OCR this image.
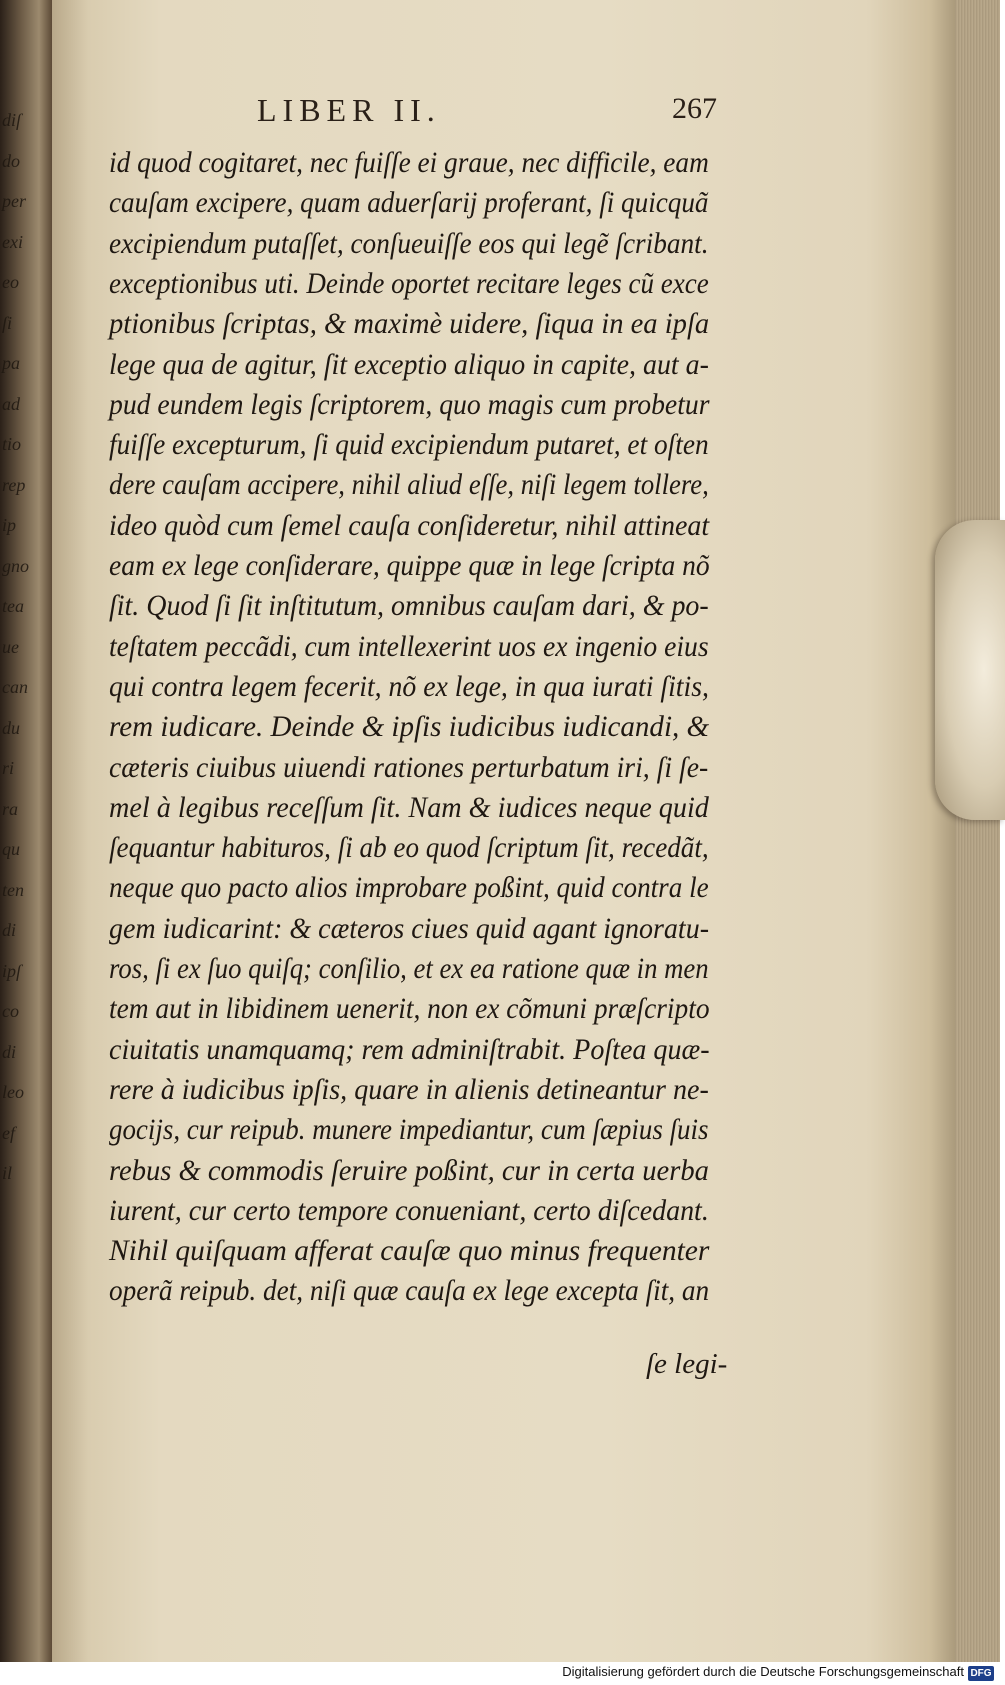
diſ
do
per
exi
eo
ſi
pa
ad
tio
rep
ip
gno
tea
ue
can
du
ri
ra
qu
ten
di
ipſ
co
di
leo
ef
il
LIBER II.	267
id quod cogitaret, nec fuiſſe ei graue, nec difficile, eam
cauſam excipere, quam aduerſarij proferant, ſi quicquã
excipiendum putaſſet, conſueuiſſe eos qui legẽ ſcribant.
exceptionibus uti. Deinde oportet recitare leges cũ exce
ptionibus ſcriptas, & maximè uidere, ſiqua in ea ipſa
lege qua de agitur, ſit exceptio aliquo in capite, aut a-
pud eundem legis ſcriptorem, quo magis cum probetur
fuiſſe excepturum, ſi quid excipiendum putaret, et oſten
dere cauſam accipere, nihil aliud eſſe, niſi legem tollere,
ideo quòd cum ſemel cauſa conſideretur, nihil attineat
eam ex lege conſiderare, quippe quæ in lege ſcripta nõ
ſit. Quod ſi ſit inſtitutum, omnibus cauſam dari, & po-
teſtatem peccãdi, cum intellexerint uos ex ingenio eius
qui contra legem fecerit, nõ ex lege, in qua iurati ſitis,
rem iudicare. Deinde & ipſis iudicibus iudicandi, &
cæteris ciuibus uiuendi rationes perturbatum iri, ſi ſe-
mel à legibus receſſum ſit. Nam & iudices neque quid
ſequantur habituros, ſi ab eo quod ſcriptum ſit, recedãt,
neque quo pacto alios improbare poßint, quid contra le
gem iudicarint: & cæteros ciues quid agant ignoratu-
ros, ſi ex ſuo quiſq; conſilio, et ex ea ratione quæ in men
tem aut in libidinem uenerit, non ex cõmuni præſcripto
ciuitatis unamquamq; rem adminiſtrabit. Poſtea quæ-
rere à iudicibus ipſis, quare in alienis detineantur ne-
gocijs, cur reipub. munere impediantur, cum ſæpius ſuis
rebus & commodis ſeruire poßint, cur in certa uerba
iurent, cur certo tempore conueniant, certo diſcedant.
Nihil quiſquam afferat cauſæ quo minus frequenter
operã reipub. det, niſi quæ cauſa ex lege excepta ſit, an
ſe legi-
Digitalisierung gefördert durch die Deutsche Forschungsgemeinschaft DFG
